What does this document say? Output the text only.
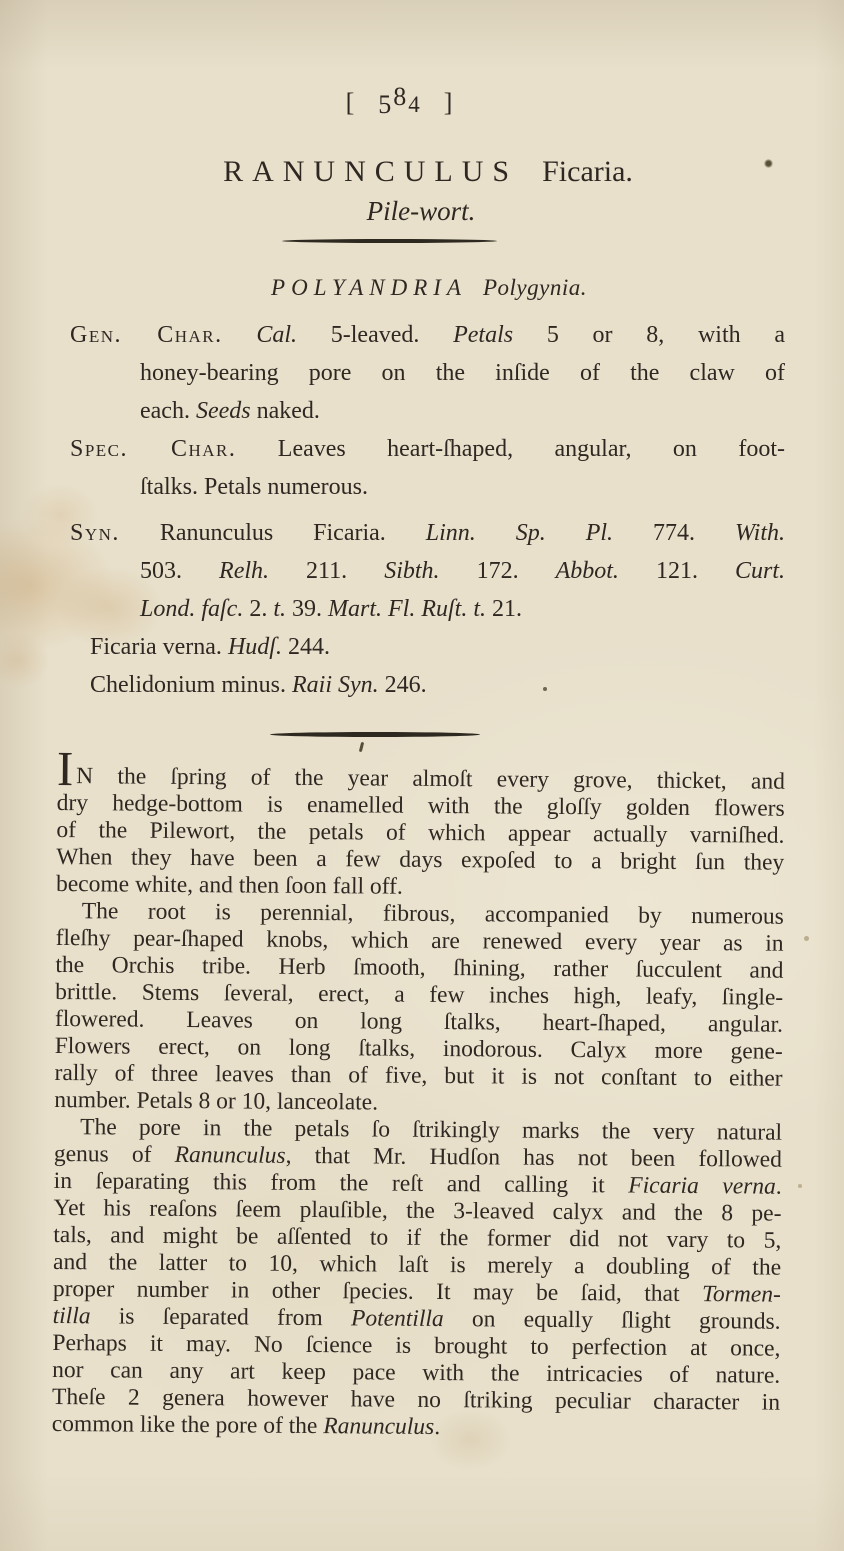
[ 584 ]
RANUNCULUS Ficaria.
Pile-wort.
POLYANDRIA Polygynia.
Gen. Char. Cal. 5-leaved. Petals 5 or 8, with a
honey-bearing pore on the inſide of the claw of
each. Seeds naked.
Spec. Char. Leaves heart-ſhaped, angular, on foot-
ſtalks. Petals numerous.
Syn. Ranunculus Ficaria. Linn. Sp. Pl. 774. With.
503. Relh. 211. Sibth. 172. Abbot. 121. Curt.
Lond. faſc. 2. t. 39. Mart. Fl. Ruſt. t. 21.
Ficaria verna. Hudſ. 244.
Chelidonium minus. Raii Syn. 246.
IN the ſpring of the year almoſt every grove, thicket, and
dry hedge-bottom is enamelled with the gloſſy golden flowers
of the Pilewort, the petals of which appear actually varniſhed.
When they have been a few days expoſed to a bright ſun they
become white, and then ſoon fall off.
The root is perennial, fibrous, accompanied by numerous
fleſhy pear-ſhaped knobs, which are renewed every year as in
the Orchis tribe. Herb ſmooth, ſhining, rather ſucculent and
brittle. Stems ſeveral, erect, a few inches high, leafy, ſingle-
flowered. Leaves on long ſtalks, heart-ſhaped, angular.
Flowers erect, on long ſtalks, inodorous. Calyx more gene-
rally of three leaves than of five, but it is not conſtant to either
number. Petals 8 or 10, lanceolate.
The pore in the petals ſo ſtrikingly marks the very natural
genus of Ranunculus, that Mr. Hudſon has not been followed
in ſeparating this from the reſt and calling it Ficaria verna.
Yet his reaſons ſeem plauſible, the 3-leaved calyx and the 8 pe-
tals, and might be aſſented to if the former did not vary to 5,
and the latter to 10, which laſt is merely a doubling of the
proper number in other ſpecies. It may be ſaid, that Tormen-
tilla is ſeparated from Potentilla on equally ſlight grounds.
Perhaps it may. No ſcience is brought to perfection at once,
nor can any art keep pace with the intricacies of nature.
Theſe 2 genera however have no ſtriking peculiar character in
common like the pore of the Ranunculus.
